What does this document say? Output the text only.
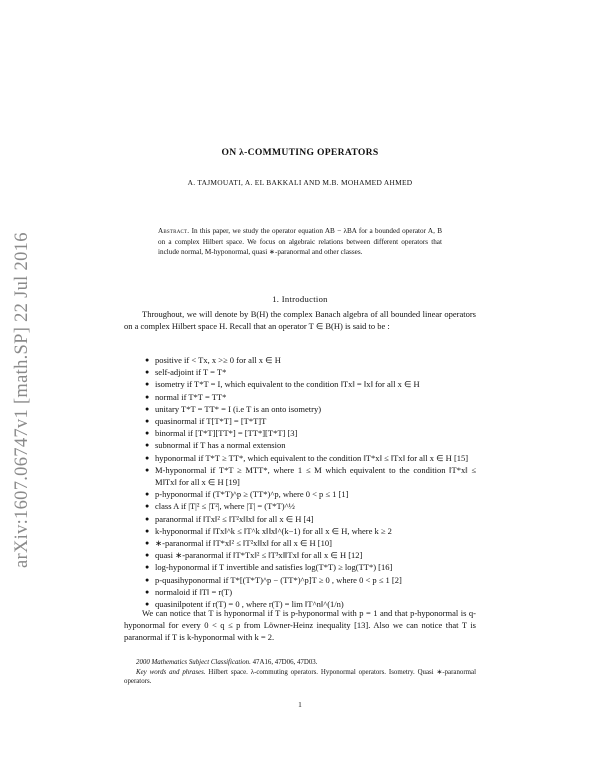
arXiv:1607.06747v1 [math.SP] 22 Jul 2016
ON λ-COMMUTING OPERATORS
A. TAJMOUATI, A. EL BAKKALI AND M.B. MOHAMED AHMED
Abstract. In this paper, we study the operator equation AB − λBA for a bounded operator A, B on a complex Hilbert space. We focus on algebraic relations between different operators that include normal, M-hyponormal, quasi ∗-paranormal and other classes.
1. Introduction
Throughout, we will denote by B(H) the complex Banach algebra of all bounded linear operators on a complex Hilbert space H. Recall that an operator T ∈ B(H) is said to be :
● positive if < Tx, x >≥ 0 for all x ∈ H
● self-adjoint if T = T*
● isometry if T*T = I, which equivalent to the condition ‖Tx‖ = ‖x‖ for all x ∈ H
● normal if T*T = TT*
● unitary T*T = TT* = I (i.e T is an onto isometry)
● quasinormal if T[T*T] = [T*T]T
● binormal if [T*T][TT*] = [TT*][T*T] [3]
● subnormal if T has a normal extension
● hyponormal if T*T ≥ TT*, which equivalent to the condition ‖T*x‖ ≤ ‖Tx‖ for all x ∈ H [15]
● M-hyponormal if T*T ≥ MTT*, where 1 ≤ M which equivalent to the condition ‖T*x‖ ≤ M‖Tx‖ for all x ∈ H [19]
● p-hyponormal if (T*T)^p ≥ (TT*)^p, where 0 < p ≤ 1 [1]
● class A if |T|² ≤ |T²|, where |T| = (T*T)^½
● paranormal if ‖Tx‖² ≤ ‖T²x‖‖x‖ for all x ∈ H [4]
● k-hyponormal if ‖Tx‖^k ≤ ‖T^k x‖‖x‖^(k−1) for all x ∈ H, where k ≥ 2
● ∗-paranormal if ‖T*x‖² ≤ ‖T²x‖‖x‖ for all x ∈ H [10]
● quasi ∗-paranormal if ‖T*Tx‖² ≤ ‖T³x‖‖Tx‖ for all x ∈ H [12]
● log-hyponormal if T invertible and satisfies log(T*T) ≥ log(TT*) [16]
● p-quasihyponormal if T*[(T*T)^p − (TT*)^p]T ≥ 0 , where 0 < p ≤ 1 [2]
● normaloid if ‖T‖ = r(T)
● quasinilpotent if r(T) = 0 , where r(T) = lim ‖T^n‖^(1/n)
We can notice that T is hyponormal if T is p-hyponormal with p = 1 and that p-hyponormal is q-hyponormal for every 0 < q ≤ p from Löwner-Heinz inequality [13]. Also we can notice that T is paranormal if T is k-hyponormal with k = 2.

2000 Mathematics Subject Classification. 47A16, 47D06, 47D03.

Key words and phrases. Hilbert space. λ-commuting operators. Hyponormal operators. Isometry. Quasi ∗-paranormal operators.

1
